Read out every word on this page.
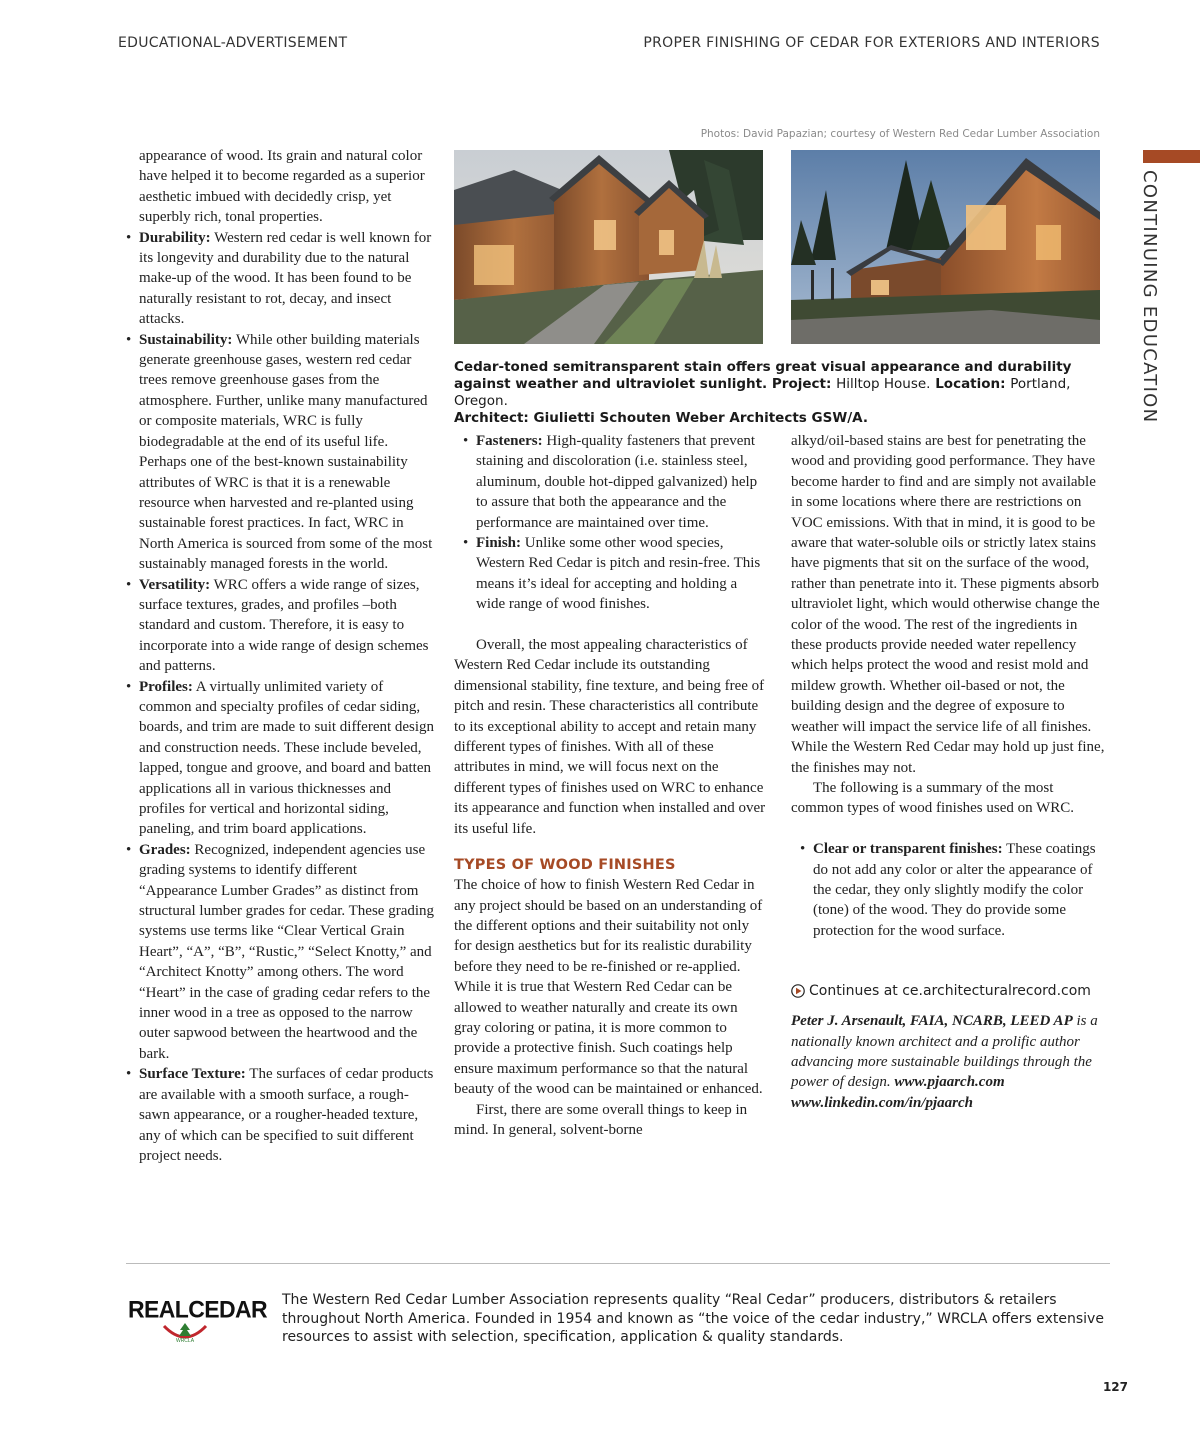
EDUCATIONAL-ADVERTISEMENT	PROPER FINISHING OF CEDAR FOR EXTERIORS AND INTERIORS
CONTINUING EDUCATION
Photos: David Papazian; courtesy of Western Red Cedar Lumber Association
Cedar-toned semitransparent stain offers great visual appearance and durability against weather and ultraviolet sunlight. Project: Hilltop House. Location: Portland, Oregon.
Architect: Giulietti Schouten Weber Architects GSW/A.

appearance of wood. Its grain and natural color have helped it to become regarded as a superior aesthetic imbued with decidedly crisp, yet superbly rich, tonal properties.

• Durability: Western red cedar is well known for its longevity and durability due to the natural make-up of the wood. It has been found to be naturally resistant to rot, decay, and insect attacks.
• Sustainability: While other building materials generate greenhouse gases, western red cedar trees remove greenhouse gases from the atmosphere. Further, unlike many manufactured or composite materials, WRC is fully biodegradable at the end of its useful life. Perhaps one of the best-known sustainability attributes of WRC is that it is a renewable resource when harvested and re-planted using sustainable forest practices. In fact, WRC in North America is sourced from some of the most sustainably managed forests in the world.
• Versatility: WRC offers a wide range of sizes, surface textures, grades, and profiles –both standard and custom. Therefore, it is easy to incorporate into a wide range of design schemes and patterns.
• Profiles: A virtually unlimited variety of common and specialty profiles of cedar siding, boards, and trim are made to suit different design and construction needs. These include beveled, lapped, tongue and groove, and board and batten applications all in various thicknesses and profiles for vertical and horizontal siding, paneling, and trim board applications.
• Grades: Recognized, independent agencies use grading systems to identify different “Appearance Lumber Grades” as distinct from structural lumber grades for cedar. These grading systems use terms like “Clear Vertical Grain Heart”, “A”, “B”, “Rustic,” “Select Knotty,” and “Architect Knotty” among others. The word “Heart” in the case of grading cedar refers to the inner wood in a tree as opposed to the narrow outer sapwood between the heartwood and the bark.
• Surface Texture: The surfaces of cedar products are available with a smooth surface, a rough-sawn appearance, or a rougher-headed texture, any of which can be specified to suit different project needs.
• Fasteners: High-quality fasteners that prevent staining and discoloration (i.e. stainless steel, aluminum, double hot-dipped galvanized) help to assure that both the appearance and the performance are maintained over time.
• Finish: Unlike some other wood species, Western Red Cedar is pitch and resin-free. This means it’s ideal for accepting and holding a wide range of wood finishes.

Overall, the most appealing characteristics of Western Red Cedar include its outstanding dimensional stability, fine texture, and being free of pitch and resin. These characteristics all contribute to its exceptional ability to accept and retain many different types of finishes. With all of these attributes in mind, we will focus next on the different types of finishes used on WRC to enhance its appearance and function when installed and over its useful life.

TYPES OF WOOD FINISHES

The choice of how to finish Western Red Cedar in any project should be based on an understanding of the different options and their suitability not only for design aesthetics but for its realistic durability before they need to be re-finished or re-applied. While it is true that Western Red Cedar can be allowed to weather naturally and create its own gray coloring or patina, it is more common to provide a protective finish. Such coatings help ensure maximum performance so that the natural beauty of the wood can be maintained or enhanced.

First, there are some overall things to keep in mind. In general, solvent-borne

alkyd/oil-based stains are best for penetrating the wood and providing good performance. They have become harder to find and are simply not available in some locations where there are restrictions on VOC emissions. With that in mind, it is good to be aware that water-soluble oils or strictly latex stains have pigments that sit on the surface of the wood, rather than penetrate into it. These pigments absorb ultraviolet light, which would otherwise change the color of the wood. The rest of the ingredients in these products provide needed water repellency which helps protect the wood and resist mold and mildew growth. Whether oil-based or not, the building design and the degree of exposure to weather will impact the service life of all finishes. While the Western Red Cedar may hold up just fine, the finishes may not.

The following is a summary of the most common types of wood finishes used on WRC.

• Clear or transparent finishes: These coatings do not add any color or alter the appearance of the cedar, they only slightly modify the color (tone) of the wood. They do provide some protection for the wood surface.
Continues at ce.architecturalrecord.com

Peter J. Arsenault, FAIA, NCARB, LEED AP is a nationally known architect and a prolific author advancing more sustainable buildings through the power of design. www.pjaarch.com www.linkedin.com/in/pjaarch

REALCEDAR
WRCLA
The Western Red Cedar Lumber Association represents quality “Real Cedar” producers, distributors & retailers throughout North America. Founded in 1954 and known as “the voice of the cedar industry,” WRCLA offers extensive resources to assist with selection, specification, application & quality standards.
127
